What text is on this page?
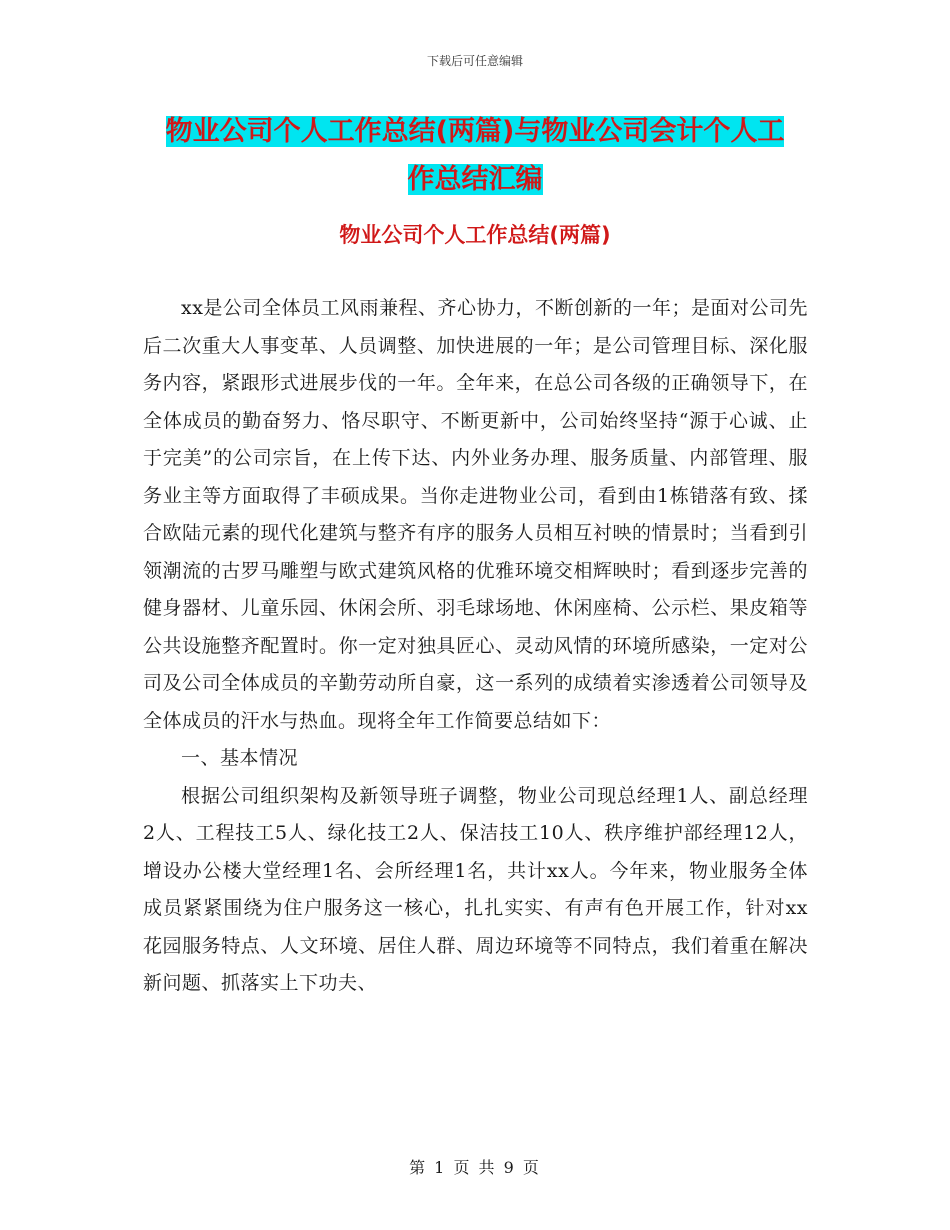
下载后可任意编辑
物业公司个人工作总结(两篇)与物业公司会计个人工
作总结汇编
物业公司个人工作总结(两篇)

xx是公司全体员工风雨兼程、齐心协力，不断创新的一年；是面对公司先后二次重大人事变革、人员调整、加快进展的一年；是公司管理目标、深化服务内容，紧跟形式进展步伐的一年。全年来，在总公司各级的正确领导下，在全体成员的勤奋努力、恪尽职守、不断更新中，公司始终坚持“源于心诚、止于完美”的公司宗旨，在上传下达、内外业务办理、服务质量、内部管理、服务业主等方面取得了丰硕成果。当你走进物业公司，看到由1栋错落有致、揉合欧陆元素的现代化建筑与整齐有序的服务人员相互衬映的情景时；当看到引领潮流的古罗马雕塑与欧式建筑风格的优雅环境交相辉映时；看到逐步完善的健身器材、儿童乐园、休闲会所、羽毛球场地、休闲座椅、公示栏、果皮箱等公共设施整齐配置时。你一定对独具匠心、灵动风情的环境所感染，一定对公司及公司全体成员的辛勤劳动所自豪，这一系列的成绩着实渗透着公司领导及全体成员的汗水与热血。现将全年工作简要总结如下：

一、基本情况

根据公司组织架构及新领导班子调整，物业公司现总经理1人、副总经理2人、工程技工5人、绿化技工2人、保洁技工10人、秩序维护部经理12人，增设办公楼大堂经理1名、会所经理1名，共计xx人。今年来，物业服务全体成员紧紧围绕为住户服务这一核心，扎扎实实、有声有色开展工作，针对xx花园服务特点、人文环境、居住人群、周边环境等不同特点，我们着重在解决新问题、抓落实上下功夫、

第 1 页 共 9 页
